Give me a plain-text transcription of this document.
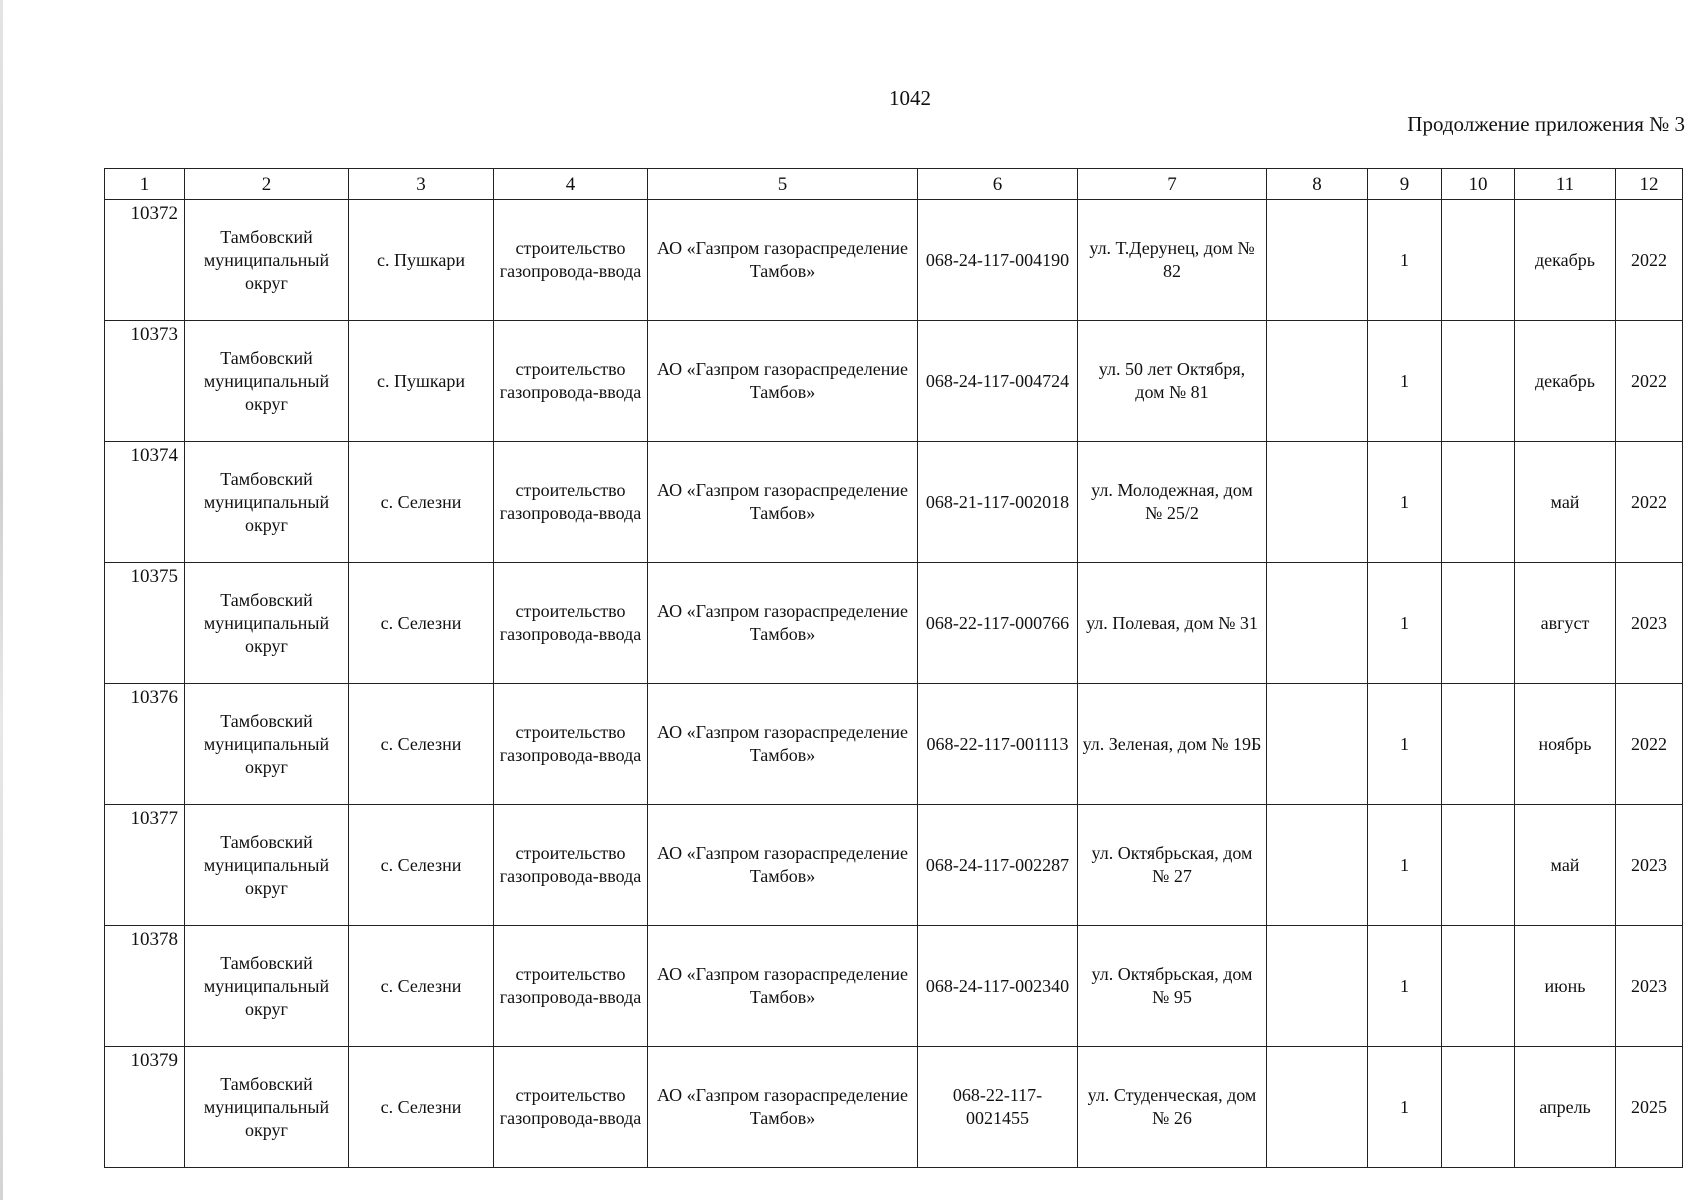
1042
Продолжение приложения № 3
1	2	3	4	5	6	7	8	9	10	11	12
10372	Тамбовский муниципальный округ	с. Пушкари	строительство газопровода-ввода	АО «Газпром газораспределение Тамбов»	068-24-117-004190	ул. Т.Дерунец, дом № 82		1		декабрь	2022
10373	Тамбовский муниципальный округ	с. Пушкари	строительство газопровода-ввода	АО «Газпром газораспределение Тамбов»	068-24-117-004724	ул. 50 лет Октября, дом № 81		1		декабрь	2022
10374	Тамбовский муниципальный округ	с. Селезни	строительство газопровода-ввода	АО «Газпром газораспределение Тамбов»	068-21-117-002018	ул. Молодежная, дом № 25/2		1		май	2022
10375	Тамбовский муниципальный округ	с. Селезни	строительство газопровода-ввода	АО «Газпром газораспределение Тамбов»	068-22-117-000766	ул. Полевая, дом № 31		1		август	2023
10376	Тамбовский муниципальный округ	с. Селезни	строительство газопровода-ввода	АО «Газпром газораспределение Тамбов»	068-22-117-001113	ул. Зеленая, дом № 19Б		1		ноябрь	2022
10377	Тамбовский муниципальный округ	с. Селезни	строительство газопровода-ввода	АО «Газпром газораспределение Тамбов»	068-24-117-002287	ул. Октябрьская, дом № 27		1		май	2023
10378	Тамбовский муниципальный округ	с. Селезни	строительство газопровода-ввода	АО «Газпром газораспределение Тамбов»	068-24-117-002340	ул. Октябрьская, дом № 95		1		июнь	2023
10379	Тамбовский муниципальный округ	с. Селезни	строительство газопровода-ввода	АО «Газпром газораспределение Тамбов»	068-22-117-0021455	ул. Студенческая, дом № 26		1		апрель	2025
